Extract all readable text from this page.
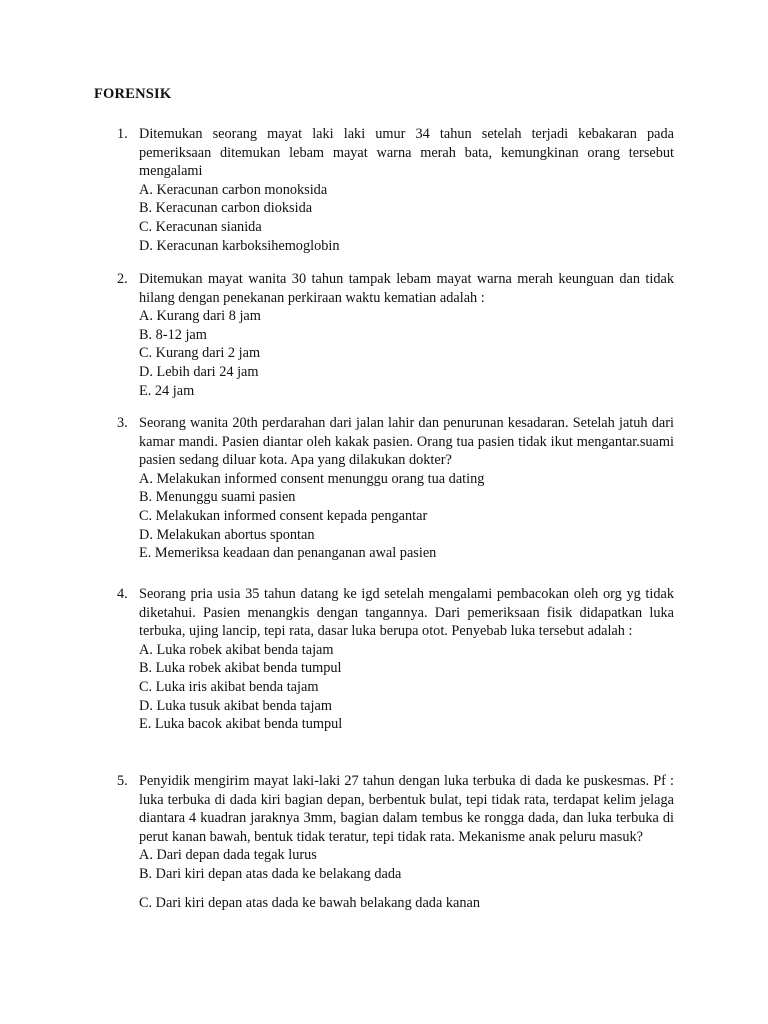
FORENSIK
1. Ditemukan seorang mayat laki laki umur 34 tahun setelah terjadi kebakaran pada pemeriksaan ditemukan lebam mayat warna merah bata, kemungkinan orang tersebut mengalami

A. Keracunan carbon monoksida
B. Keracunan carbon dioksida
C. Keracunan sianida
D. Keracunan karboksihemoglobin
2. Ditemukan mayat wanita 30 tahun tampak lebam mayat warna merah keunguan dan tidak hilang dengan penekanan perkiraan waktu kematian adalah :

A. Kurang dari 8 jam
B. 8-12 jam
C. Kurang dari 2 jam
D. Lebih dari 24 jam
E. 24 jam
3. Seorang wanita 20th perdarahan dari jalan lahir dan penurunan kesadaran. Setelah jatuh dari kamar mandi. Pasien diantar oleh kakak pasien. Orang tua pasien tidak ikut mengantar.suami pasien sedang diluar kota. Apa yang dilakukan dokter?

A. Melakukan informed consent menunggu orang tua dating
B. Menunggu suami pasien
C. Melakukan informed consent kepada pengantar
D. Melakukan abortus spontan
E. Memeriksa keadaan dan penanganan awal pasien
4. Seorang pria usia 35 tahun datang ke igd setelah mengalami pembacokan oleh org yg tidak diketahui. Pasien menangkis dengan tangannya. Dari pemeriksaan fisik didapatkan luka terbuka, ujing lancip, tepi rata, dasar luka berupa otot. Penyebab luka tersebut adalah :

A. Luka robek akibat benda tajam
B. Luka robek akibat benda tumpul
C. Luka iris akibat benda tajam
D. Luka tusuk akibat benda tajam
E. Luka bacok akibat benda tumpul
5. Penyidik mengirim mayat laki-laki 27 tahun dengan luka terbuka di dada ke puskesmas. Pf : luka terbuka di dada kiri bagian depan, berbentuk bulat, tepi tidak rata, terdapat kelim jelaga diantara 4 kuadran jaraknya 3mm, bagian dalam tembus ke rongga dada, dan luka terbuka di perut kanan bawah, bentuk tidak teratur, tepi tidak rata. Mekanisme anak peluru masuk?

A. Dari depan dada tegak lurus
B. Dari kiri depan atas dada ke belakang dada
C. Dari kiri depan atas dada ke bawah belakang dada kanan
